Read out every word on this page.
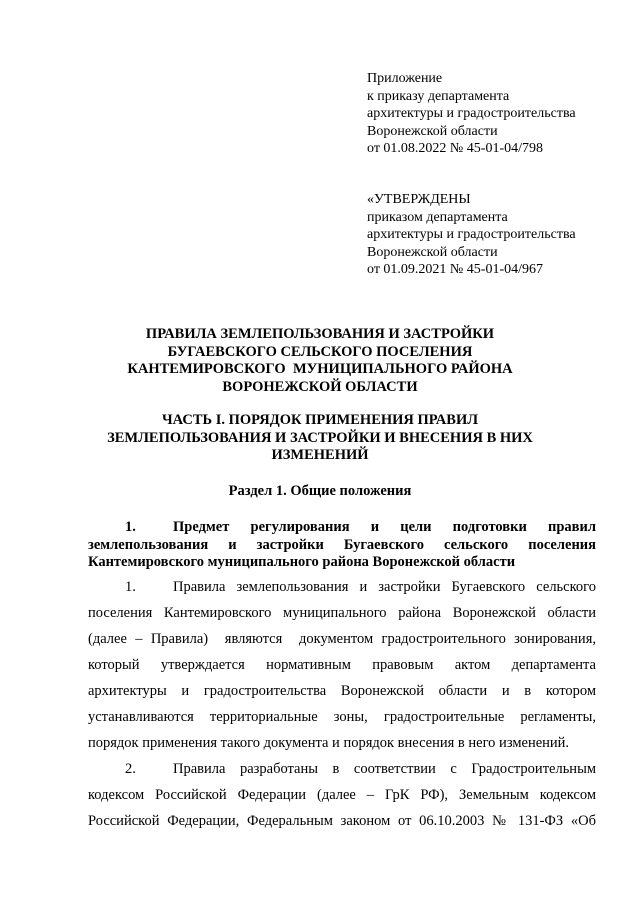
Приложение
к приказу департамента
архитектуры и градостроительства
Воронежской области
от 01.08.2022 № 45-01-04/798
«УТВЕРЖДЕНЫ
приказом департамента
архитектуры и градостроительства
Воронежской области
от 01.09.2021 № 45-01-04/967
ПРАВИЛА ЗЕМЛЕПОЛЬЗОВАНИЯ И ЗАСТРОЙКИ
БУГАЕВСКОГО СЕЛЬСКОГО ПОСЕЛЕНИЯ
КАНТЕМИРОВСКОГО  МУНИЦИПАЛЬНОГО РАЙОНА
ВОРОНЕЖСКОЙ ОБЛАСТИ
ЧАСТЬ I. ПОРЯДОК ПРИМЕНЕНИЯ ПРАВИЛ
ЗЕМЛЕПОЛЬЗОВАНИЯ И ЗАСТРОЙКИ И ВНЕСЕНИЯ В НИХ
ИЗМЕНЕНИЙ
Раздел 1. Общие положения
1.	Предмет регулирования и цели подготовки правил
землепользования и застройки Бугаевского сельского поселения
Кантемировского муниципального района Воронежской области
1.	Правила землепользования и застройки Бугаевского сельского
поселения Кантемировского муниципального района Воронежской области
(далее – Правила)  являются  документом градостроительного зонирования,
который утверждается нормативным правовым актом департамента
архитектуры и градостроительства Воронежской области и в котором
устанавливаются территориальные зоны, градостроительные регламенты,
порядок применения такого документа и порядок внесения в него изменений.
2.	Правила разработаны в соответствии с Градостроительным
кодексом Российской Федерации (далее – ГрК РФ), Земельным кодексом
Российской Федерации, Федеральным законом от 06.10.2003 № 131-ФЗ «Об
